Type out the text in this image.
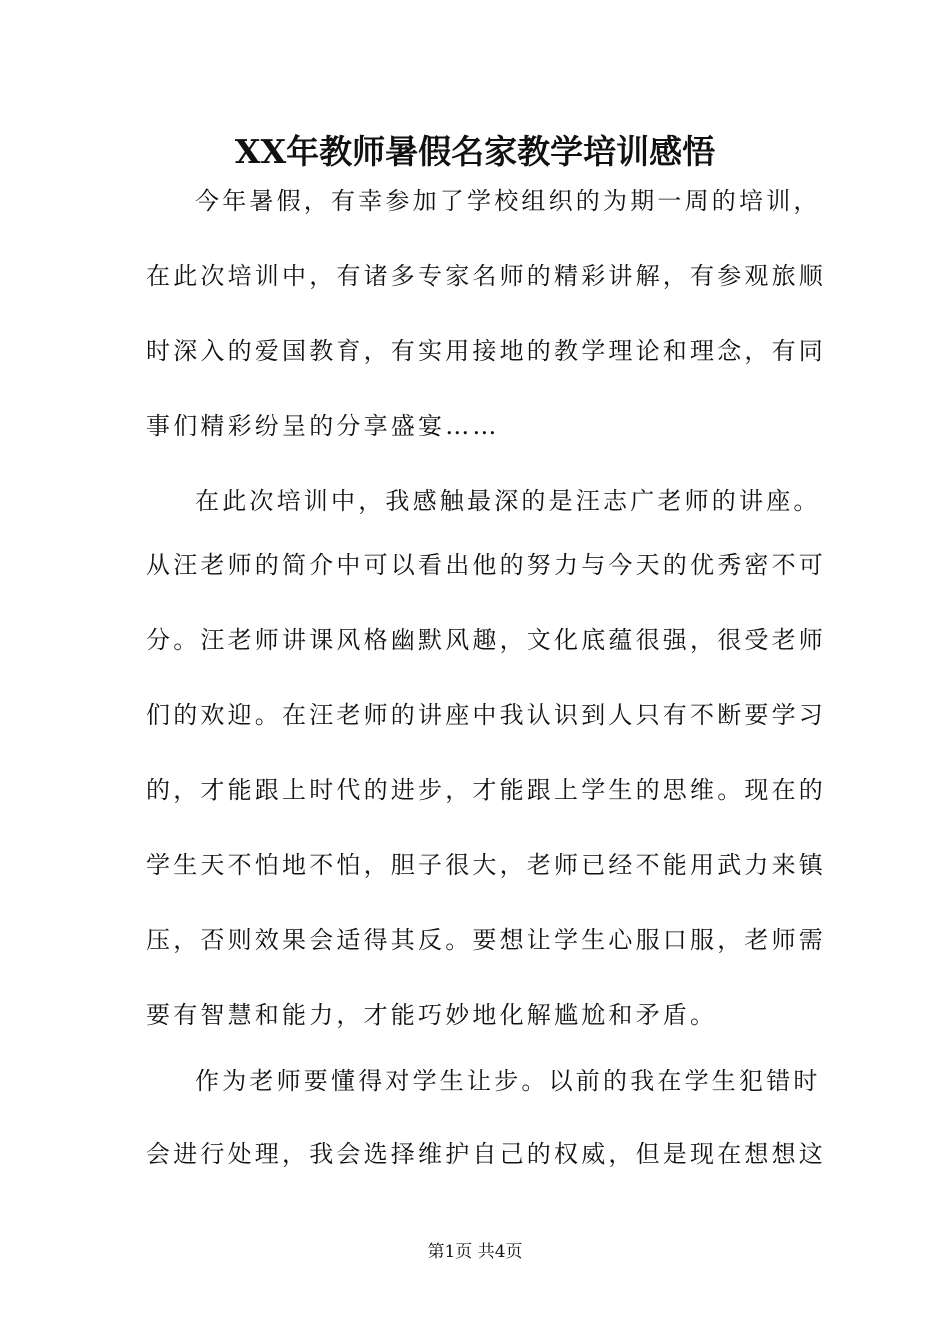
XX年教师暑假名家教学培训感悟
今年暑假，有幸参加了学校组织的为期一周的培训，
在此次培训中，有诸多专家名师的精彩讲解，有参观旅顺
时深入的爱国教育，有实用接地的教学理论和理念，有同
事们精彩纷呈的分享盛宴……
在此次培训中，我感触最深的是汪志广老师的讲座。
从汪老师的简介中可以看出他的努力与今天的优秀密不可
分。汪老师讲课风格幽默风趣，文化底蕴很强，很受老师
们的欢迎。在汪老师的讲座中我认识到人只有不断要学习
的，才能跟上时代的进步，才能跟上学生的思维。现在的
学生天不怕地不怕，胆子很大，老师已经不能用武力来镇
压，否则效果会适得其反。要想让学生心服口服，老师需
要有智慧和能力，才能巧妙地化解尴尬和矛盾。
作为老师要懂得对学生让步。以前的我在学生犯错时
会进行处理，我会选择维护自己的权威，但是现在想想这
第1页 共4页
